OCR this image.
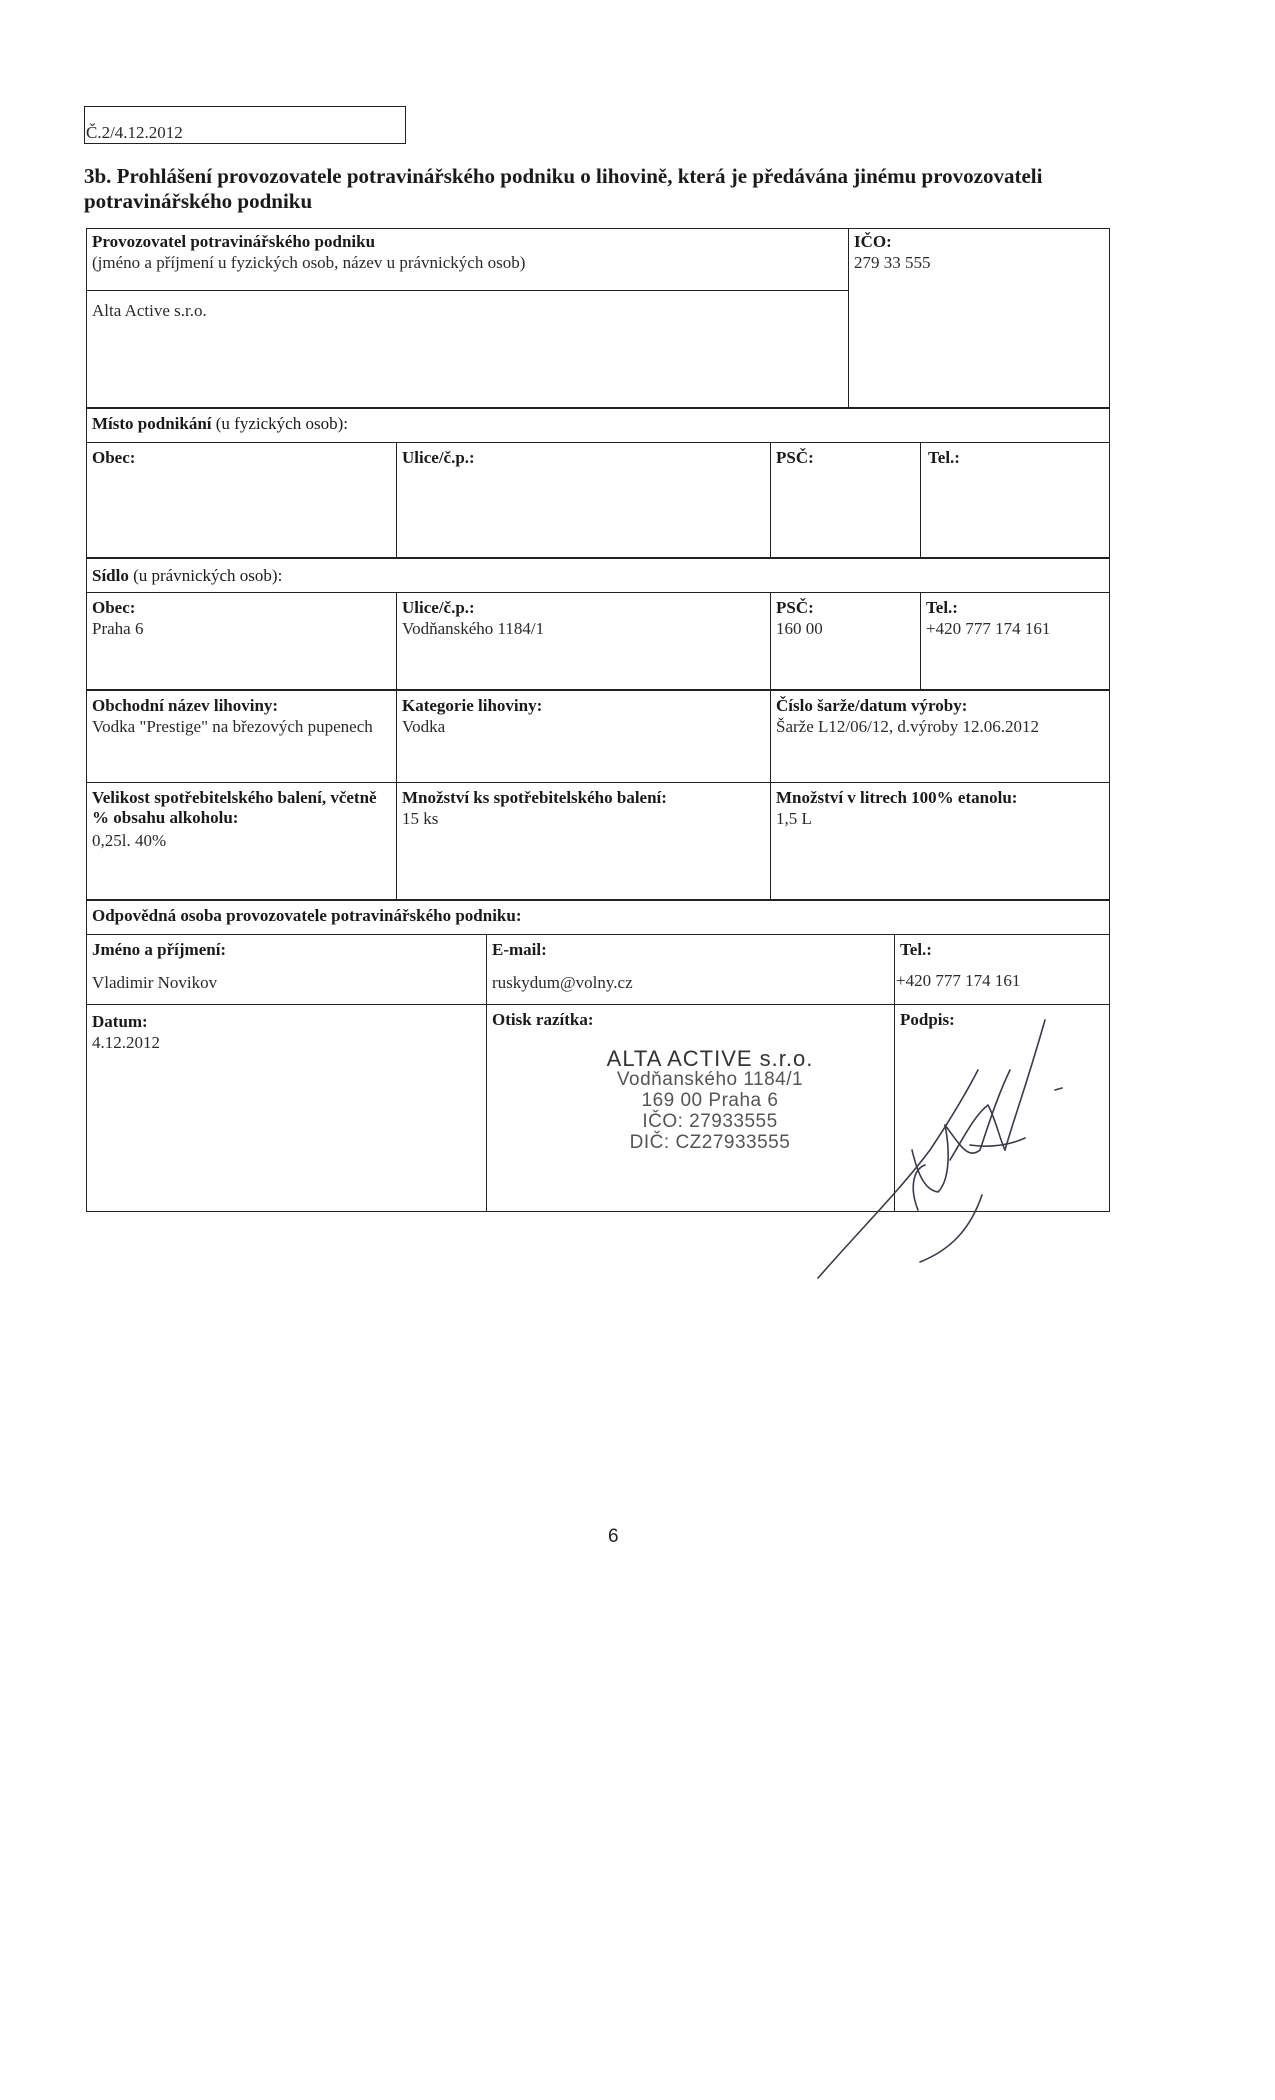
Č.2/4.12.2012
3b. Prohlášení provozovatele potravinářského podniku o lihovině, která je předávána jinému provozovateli potravinářského podniku
Provozovatel potravinářského podniku
(jméno a příjmení u fyzických osob, název u právnických osob)
Alta Active s.r.o.
IČO:
279 33 555
Místo podnikání (u fyzických osob):
Obec:	Ulice/č.p.:	PSČ:	Tel.:
Sídlo (u právnických osob):
Obec:
Praha 6
Ulice/č.p.:
Vodňanského 1184/1
PSČ:
160 00
Tel.:
+420 777 174 161
Obchodní název lihoviny:
Vodka "Prestige" na březových pupenech
Kategorie lihoviny:
Vodka
Číslo šarže/datum výroby:
Šarže L12/06/12, d.výroby 12.06.2012
Velikost spotřebitelského balení, včetně % obsahu alkoholu:
0,25l. 40%
Množství ks spotřebitelského balení:
15 ks
Množství v litrech 100% etanolu:
1,5 L
Odpovědná osoba provozovatele potravinářského podniku:
Jméno a příjmení:
Vladimir Novikov
E-mail:
ruskydum@volny.cz
Tel.:
+420 777 174 161
Datum:
4.12.2012
Otisk razítka:	Podpis:
ALTA ACTIVE s.r.o.
Vodňanského 1184/1
169 00 Praha 6
IČO: 27933555
DIČ: CZ27933555
6
